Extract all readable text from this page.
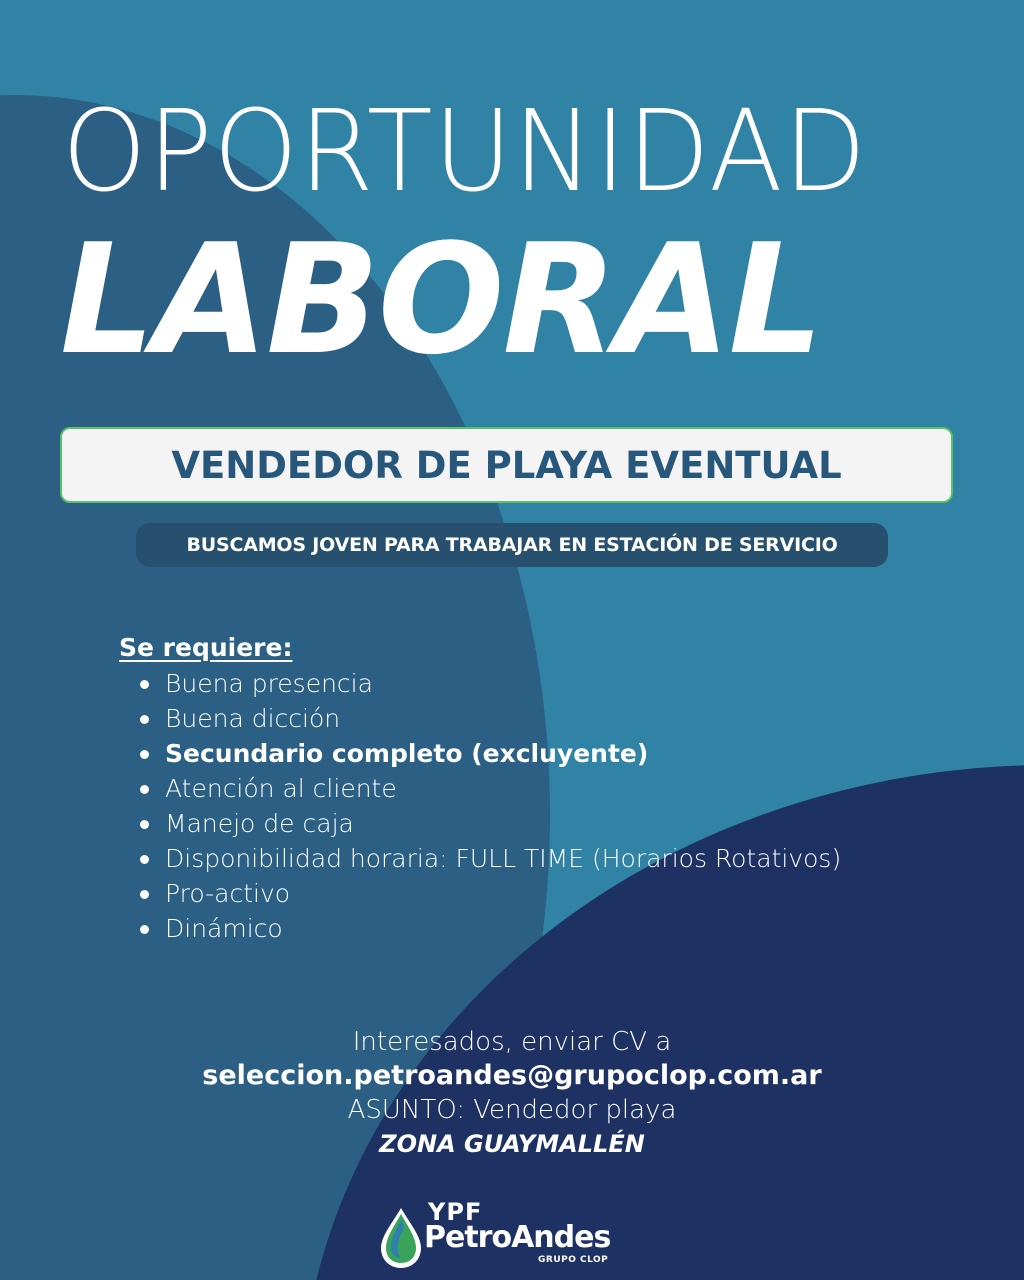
OPORTUNIDAD
LABORAL
VENDEDOR DE PLAYA EVENTUAL
BUSCAMOS JOVEN PARA TRABAJAR EN ESTACIÓN DE SERVICIO
Se requiere:
Buena presencia
Buena dicción
Secundario completo (excluyente)
Atención al cliente
Manejo de caja
Disponibilidad horaria: FULL TIME (Horarios Rotativos)
Pro-activo
Dinámico
Interesados, enviar CV a
seleccion.petroandes@grupoclop.com.ar
ASUNTO: Vendedor playa
ZONA GUAYMALLÉN
YPF
PetroAndes
GRUPO CLOP
